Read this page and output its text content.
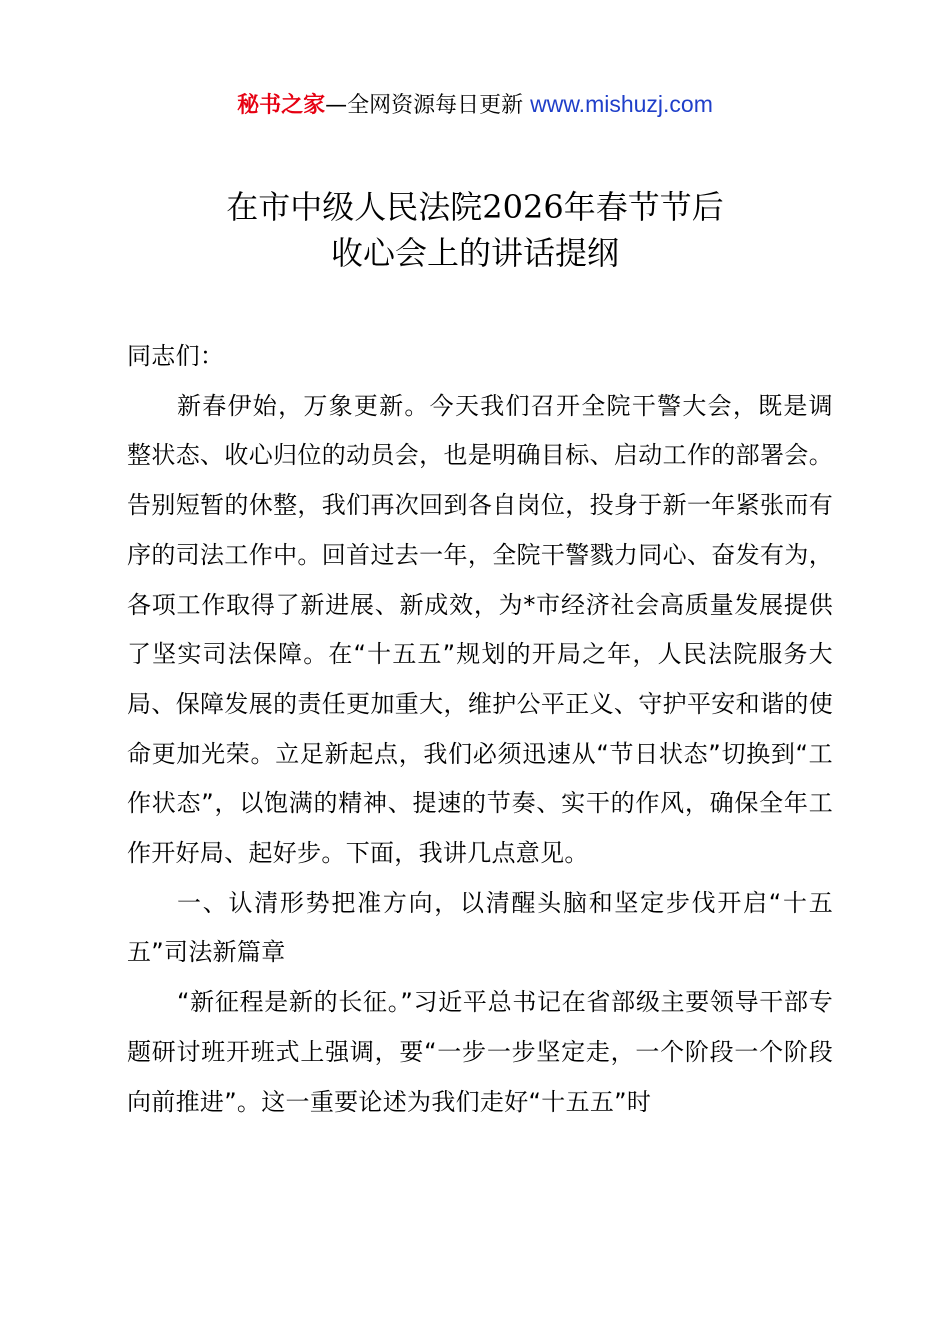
秘书之家—全网资源每日更新 www.mishuzj.com
在市中级人民法院2026年春节节后
收心会上的讲话提纲

同志们：

新春伊始，万象更新。今天我们召开全院干警大会，既是调整状态、收心归位的动员会，也是明确目标、启动工作的部署会。告别短暂的休整，我们再次回到各自岗位，投身于新一年紧张而有序的司法工作中。回首过去一年，全院干警戮力同心、奋发有为，各项工作取得了新进展、新成效，为*市经济社会高质量发展提供了坚实司法保障。在“十五五”规划的开局之年，人民法院服务大局、保障发展的责任更加重大，维护公平正义、守护平安和谐的使命更加光荣。立足新起点，我们必须迅速从“节日状态”切换到“工作状态”，以饱满的精神、提速的节奏、实干的作风，确保全年工作开好局、起好步。下面，我讲几点意见。

一、认清形势把准方向，以清醒头脑和坚定步伐开启“十五五”司法新篇章

“新征程是新的长征。”习近平总书记在省部级主要领导干部专题研讨班开班式上强调，要“一步一步坚定走，一个阶段一个阶段向前推进”。这一重要论述为我们走好“十五五”时
